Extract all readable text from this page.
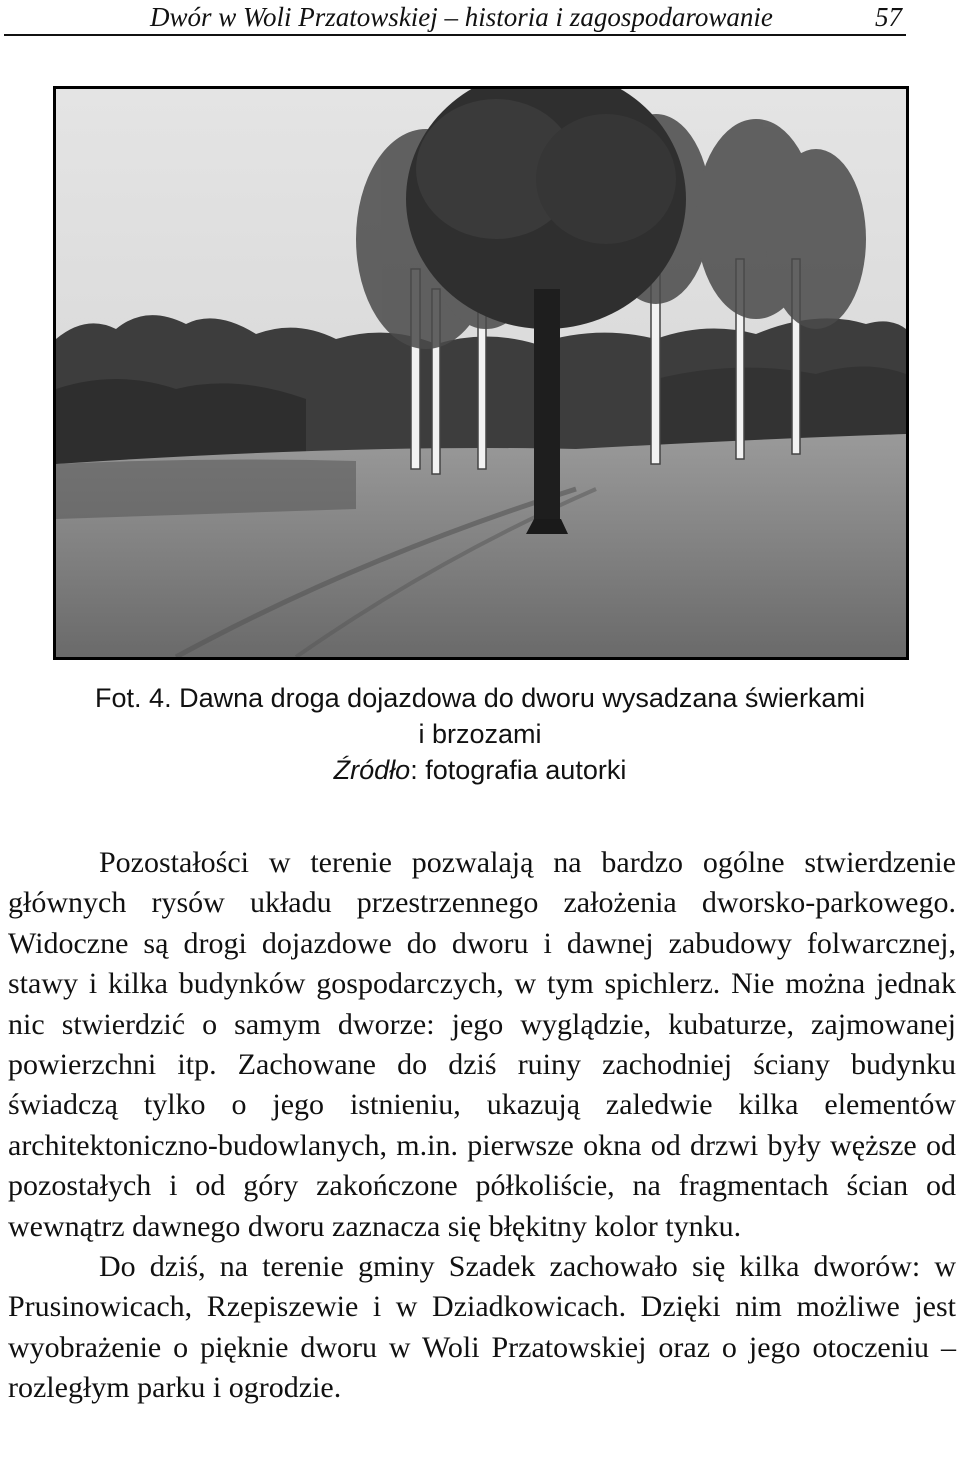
Dwór w Woli Przatowskiej – historia i zagospodarowanie	57
Fot. 4. Dawna droga dojazdowa do dworu wysadzana świerkami
i brzozami
Źródło: fotografia autorki

Pozostałości w terenie pozwalają na bardzo ogólne stwierdzenie głównych rysów układu przestrzennego założenia dworsko-parkowego. Widoczne są drogi dojazdowe do dworu i dawnej zabudowy folwarcznej, stawy i kilka budynków gospodarczych, w tym spichlerz. Nie można jednak nic stwierdzić o samym dworze: jego wyglądzie, kubaturze, zajmowanej powierzchni itp. Zachowane do dziś ruiny zachodniej ściany budynku świadczą tylko o jego istnieniu, ukazują zaledwie kilka elementów architektoniczno-budowlanych, m.in. pierwsze okna od drzwi były węższe od pozostałych i od góry zakończone półkoliście, na fragmentach ścian od wewnątrz dawnego dworu zaznacza się błękitny kolor tynku.

Do dziś, na terenie gminy Szadek zachowało się kilka dworów: w Prusinowicach, Rzepiszewie i w Dziadkowicach. Dzięki nim możliwe jest wyobrażenie o pięknie dworu w Woli Przatowskiej oraz o jego otoczeniu – rozległym parku i ogrodzie.
